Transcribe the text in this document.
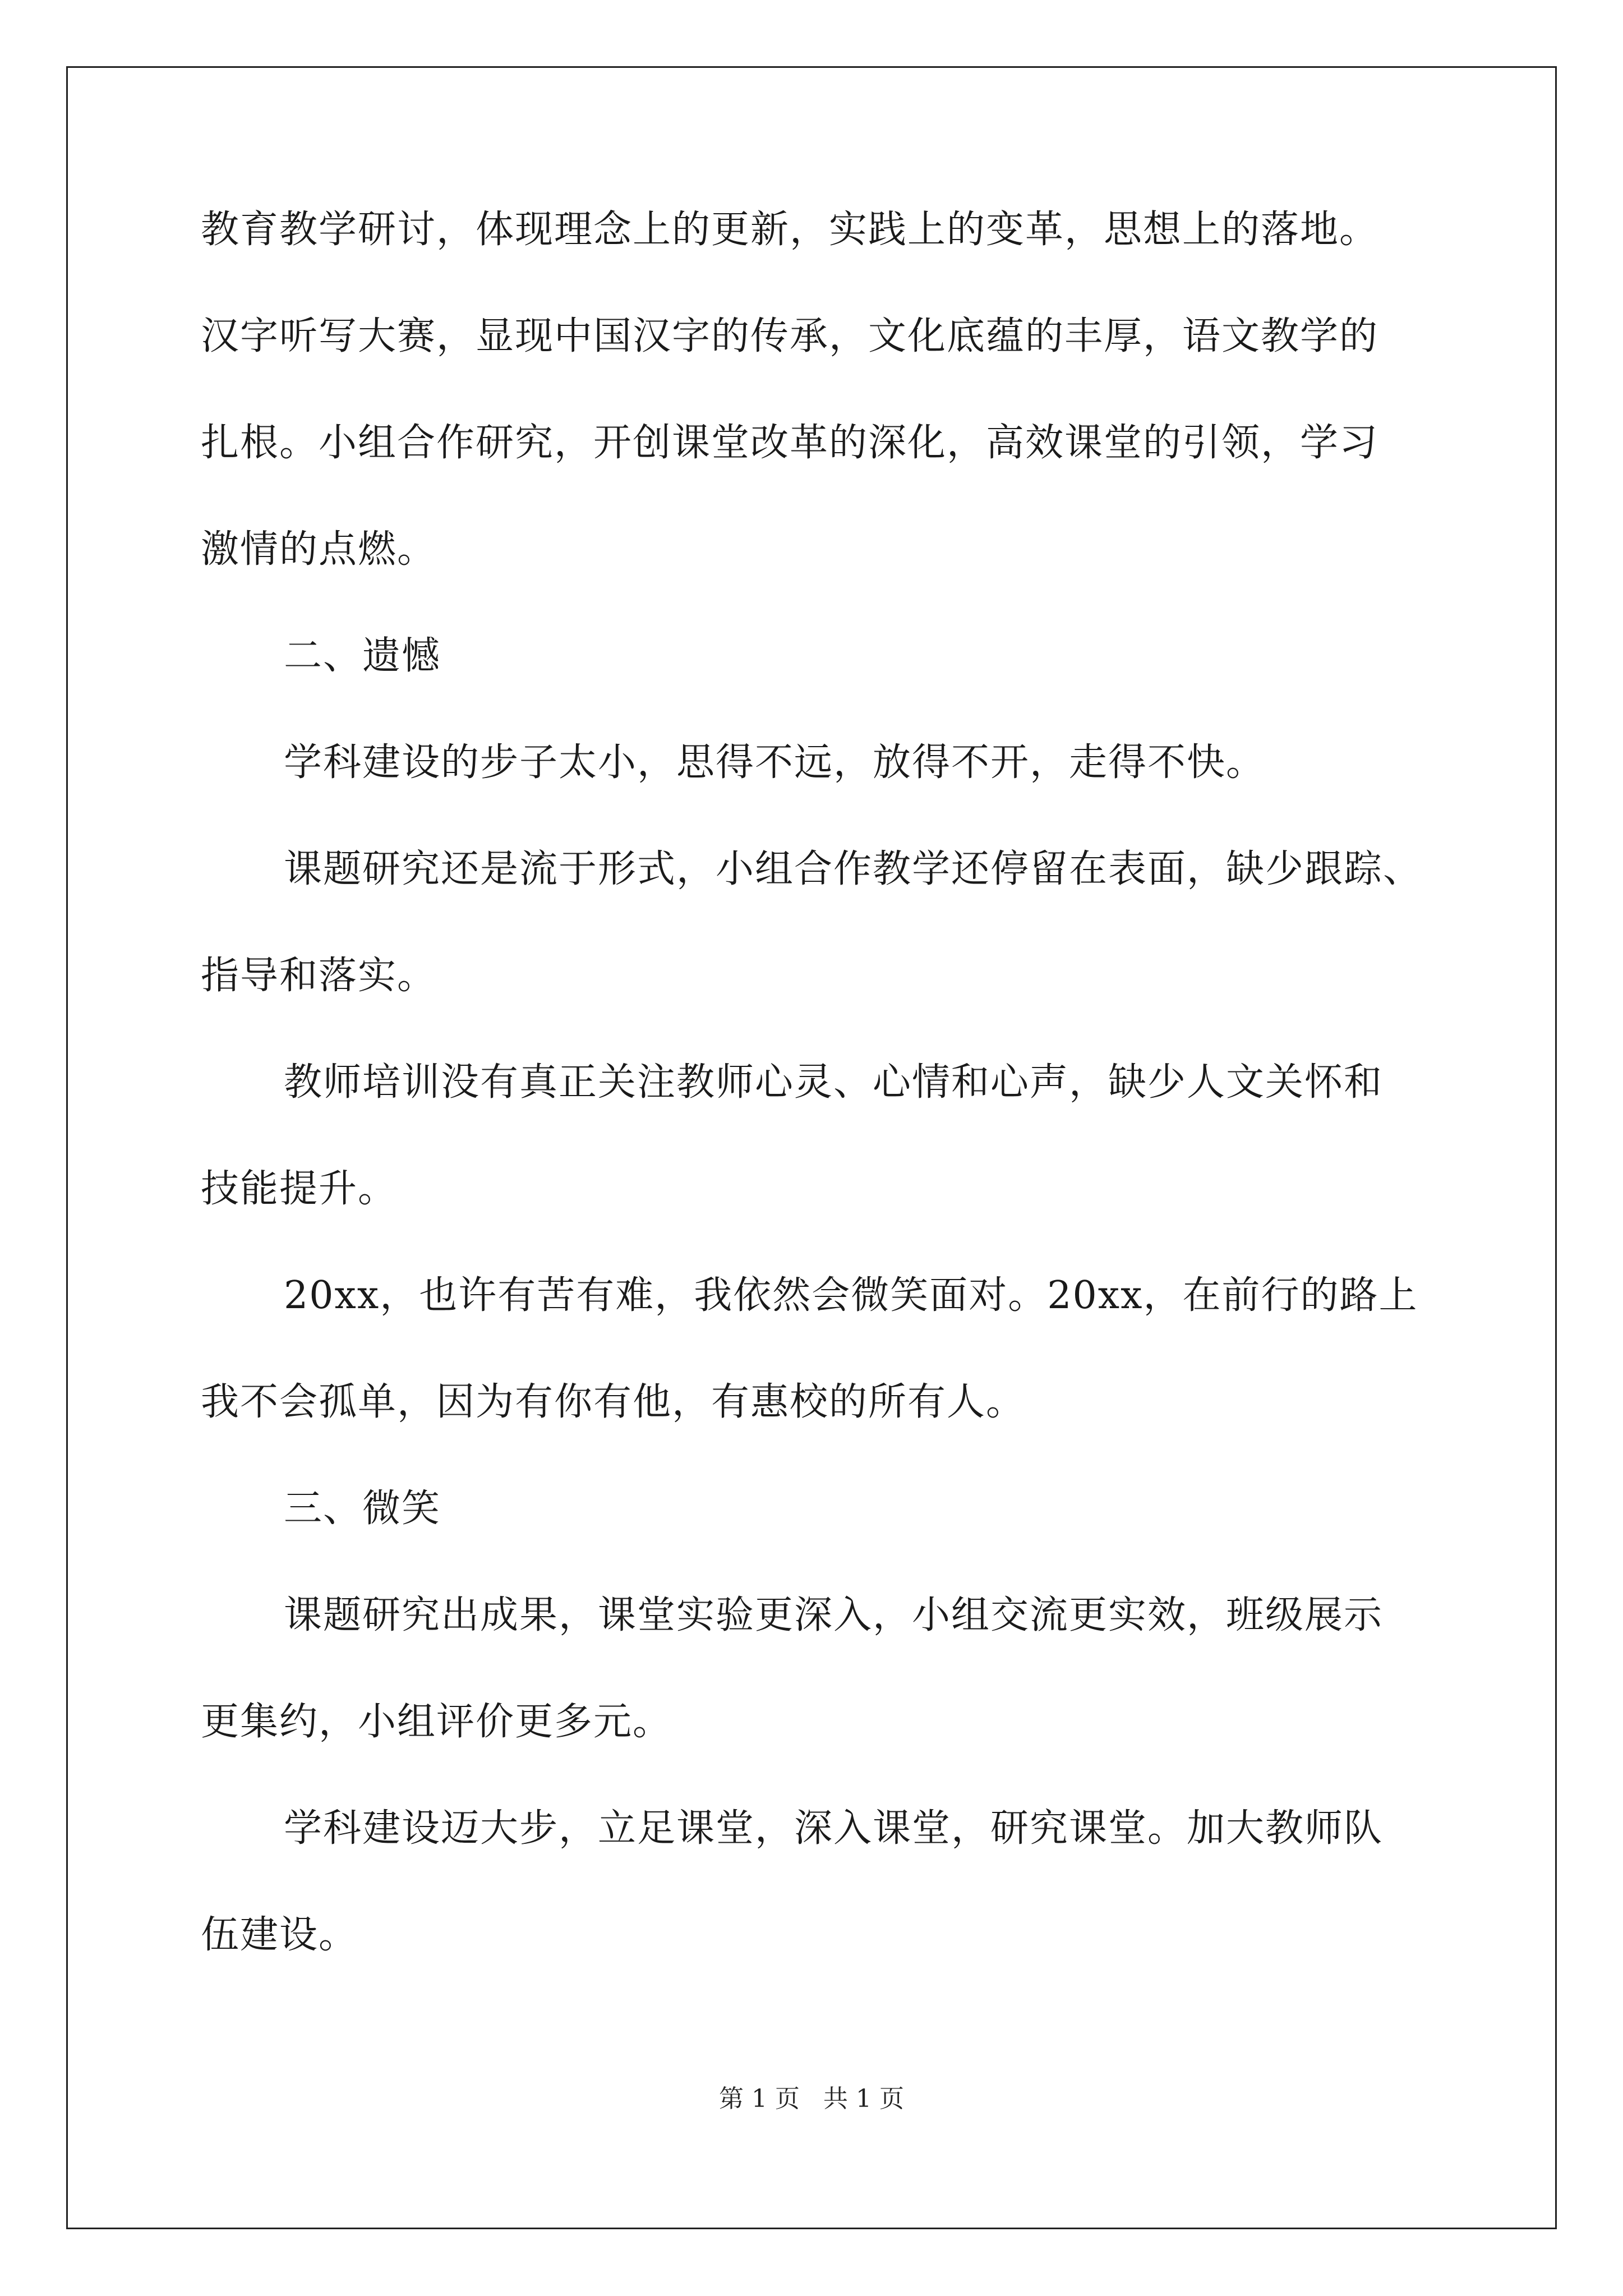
教育教学研讨，体现理念上的更新，实践上的变革，思想上的落地。
汉字听写大赛，显现中国汉字的传承，文化底蕴的丰厚，语文教学的
扎根。小组合作研究，开创课堂改革的深化，高效课堂的引领，学习
激情的点燃。
二、遗憾
学科建设的步子太小，思得不远，放得不开，走得不快。
课题研究还是流于形式，小组合作教学还停留在表面，缺少跟踪、
指导和落实。
教师培训没有真正关注教师心灵、心情和心声，缺少人文关怀和
技能提升。
20xx，也许有苦有难，我依然会微笑面对。20xx，在前行的路上
我不会孤单，因为有你有他，有惠校的所有人。
三、微笑
课题研究出成果，课堂实验更深入，小组交流更实效，班级展示
更集约，小组评价更多元。
学科建设迈大步，立足课堂，深入课堂，研究课堂。加大教师队
伍建设。
第 1 页   共 1 页
